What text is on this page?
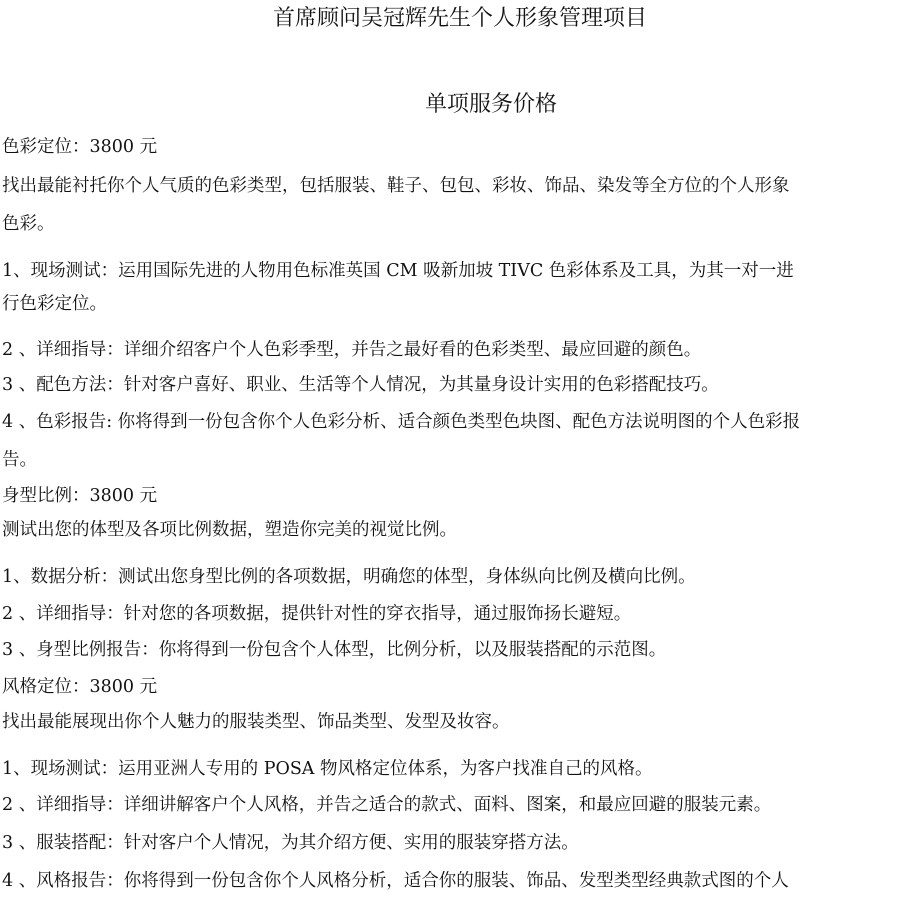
首席顾问吴冠辉先生个人形象管理项目
单项服务价格
色彩定位：3800 元
找出最能衬托你个人气质的色彩类型，包括服装、鞋子、包包、彩妆、饰品、染发等全方位的个人形象
色彩。
1、现场测试：运用国际先进的人物用色标准英国 CM 吸新加坡 TIVC 色彩体系及工具，为其一对一进
行色彩定位。
2 、详细指导：详细介绍客户个人色彩季型，并告之最好看的色彩类型、最应回避的颜色。
3 、配色方法：针对客户喜好、职业、生活等个人情况，为其量身设计实用的色彩搭配技巧。
4 、色彩报告: 你将得到一份包含你个人色彩分析、适合颜色类型色块图、配色方法说明图的个人色彩报
告。
身型比例：3800 元
测试出您的体型及各项比例数据，塑造你完美的视觉比例。
1、数据分析：测试出您身型比例的各项数据，明确您的体型，身体纵向比例及横向比例。
2 、详细指导：针对您的各项数据，提供针对性的穿衣指导，通过服饰扬长避短。
3 、身型比例报告：你将得到一份包含个人体型，比例分析，以及服装搭配的示范图。
风格定位：3800 元
找出最能展现出你个人魅力的服装类型、饰品类型、发型及妆容。
1、现场测试：运用亚洲人专用的 POSA 物风格定位体系，为客户找准自己的风格。
2 、详细指导：详细讲解客户个人风格，并告之适合的款式、面料、图案，和最应回避的服装元素。
3 、服装搭配：针对客户个人情况，为其介绍方便、实用的服装穿搭方法。
4 、风格报告：你将得到一份包含你个人风格分析，适合你的服装、饰品、发型类型经典款式图的个人
